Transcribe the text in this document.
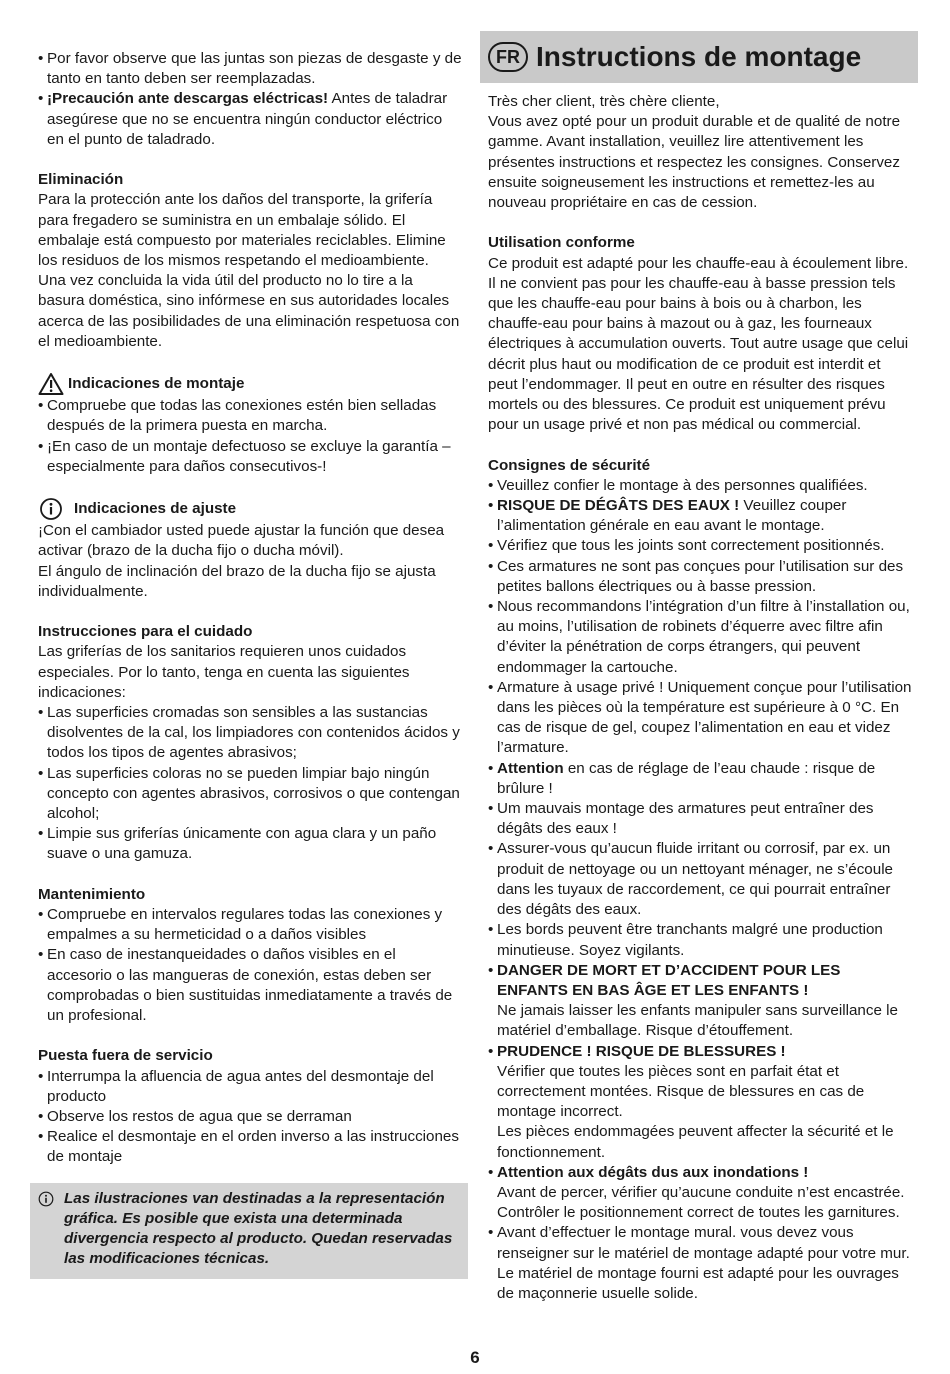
• Por favor observe que las juntas son piezas de desgaste y de tanto en tanto deben ser reemplazadas.
• ¡Precaución ante descargas eléctricas! Antes de taladrar asegúrese que no se encuentra ningún conductor eléctrico en el punto de taladrado.
Eliminación
Para la protección ante los daños del transporte, la grifería para fregadero se suministra en un embalaje sólido. El embalaje está compuesto por materiales reciclables. Elimine los residuos de los mismos respetando el medioambiente.
Una vez concluida la vida útil del producto no lo tire a la basura doméstica, sino infórmese en sus autoridades locales acerca de las posibilidades de una eliminación respetuosa con el medioambiente.
Indicaciones de montaje
• Compruebe que todas las conexiones estén bien selladas después de la primera puesta en marcha.
• ¡En caso de un montaje defectuoso se excluye la garantía –especialmente para daños consecutivos-!
Indicaciones de ajuste
¡Con el cambiador usted puede ajustar la función que desea activar (brazo de la ducha fijo o ducha móvil).
El ángulo de inclinación del brazo de la ducha fijo se ajusta individualmente.
Instrucciones para el cuidado
Las griferías de los sanitarios requieren unos cuidados especiales. Por lo tanto, tenga en cuenta las siguientes indicaciones:
• Las superficies cromadas son sensibles a las sustancias disolventes de la cal, los limpiadores con contenidos ácidos y todos los tipos de agentes abrasivos;
• Las superficies coloras no se pueden limpiar bajo ningún concepto con agentes abrasivos, corrosivos o que contengan alcohol;
• Limpie sus griferías únicamente con agua clara y un paño suave o una gamuza.
Mantenimiento
• Compruebe en intervalos regulares todas las conexiones y empalmes a su hermeticidad o a daños visibles
• En caso de inestanqueidades o daños visibles en el accesorio o las mangueras de conexión, estas deben ser comprobadas o bien sustituidas inmediatamente a través de un profesional.
Puesta fuera de servicio
• Interrumpa la afluencia de agua antes del desmontaje del producto
• Observe los restos de agua que se derraman
• Realice el desmontaje en el orden inverso a las instrucciones de montaje
Las ilustraciones van destinadas a la representación gráfica. Es posible que exista una determinada divergencia respecto al producto. Quedan reservadas las modificaciones técnicas.
FR Instructions de montage
Très cher client, très chère cliente,
Vous avez opté pour un produit durable et de qualité de notre gamme. Avant installation, veuillez lire attentivement les présentes instructions et respectez les consignes. Conservez ensuite soigneusement les instructions et remettez-les au nouveau propriétaire en cas de cession.
Utilisation conforme
Ce produit est adapté pour les chauffe-eau à écoulement libre. Il ne convient pas pour les chauffe-eau à basse pression tels que les chauffe-eau pour bains à bois ou à charbon, les chauffe-eau pour bains à mazout ou à gaz, les fourneaux électriques à accumulation ouverts. Tout autre usage que celui décrit plus haut ou modification de ce produit est interdit et peut l’endommager. Il peut en outre en résulter des risques mortels ou des blessures. Ce produit est uniquement prévu pour un usage privé et non pas médical ou commercial.
Consignes de sécurité
• Veuillez confier le montage à des personnes qualifiées.
• RISQUE DE DÉGÂTS DES EAUX ! Veuillez couper l’alimentation générale en eau avant le montage.
• Vérifiez que tous les joints sont correctement positionnés.
• Ces armatures ne sont pas conçues pour l’utilisation sur des petites ballons électriques ou à basse pression.
• Nous recommandons l’intégration d’un filtre à l’installation ou, au moins, l’utilisation de robinets d’équerre avec filtre afin d’éviter la pénétration de corps étrangers, qui peuvent endommager la cartouche.
• Armature à usage privé ! Uniquement conçue pour l’utilisation dans les pièces où la température est supérieure à 0 °C. En cas de risque de gel, coupez l’alimentation en eau et videz l’armature.
• Attention en cas de réglage de l’eau chaude : risque de brûlure !
• Um mauvais montage des armatures peut entraîner des dégâts des eaux !
• Assurer-vous qu’aucun fluide irritant ou corrosif, par ex. un produit de nettoyage ou un nettoyant ménager, ne s’écoule dans les tuyaux de raccordement, ce qui pourrait entraîner des dégâts des eaux.
• Les bords peuvent être tranchants malgré une production minutieuse. Soyez vigilants.
• DANGER DE MORT ET D’ACCIDENT POUR LES ENFANTS EN BAS ÂGE ET LES ENFANTS !
Ne jamais laisser les enfants manipuler sans surveillance le matériel d’emballage. Risque d’étouffement.
• PRUDENCE ! RISQUE DE BLESSURES !
Vérifier que toutes les pièces sont en parfait état et correctement montées. Risque de blessures en cas de montage incorrect.
Les pièces endommagées peuvent affecter la sécurité et le fonctionnement.
• Attention aux dégâts dus aux inondations !
Avant de percer, vérifier qu’aucune conduite n’est encastrée. Contrôler le positionnement correct de toutes les garnitures.
• Avant d’effectuer le montage mural. vous devez vous renseigner sur le matériel de montage adapté pour votre mur. Le matériel de montage fourni est adapté pour les ouvrages de maçonnerie usuelle solide.
6
